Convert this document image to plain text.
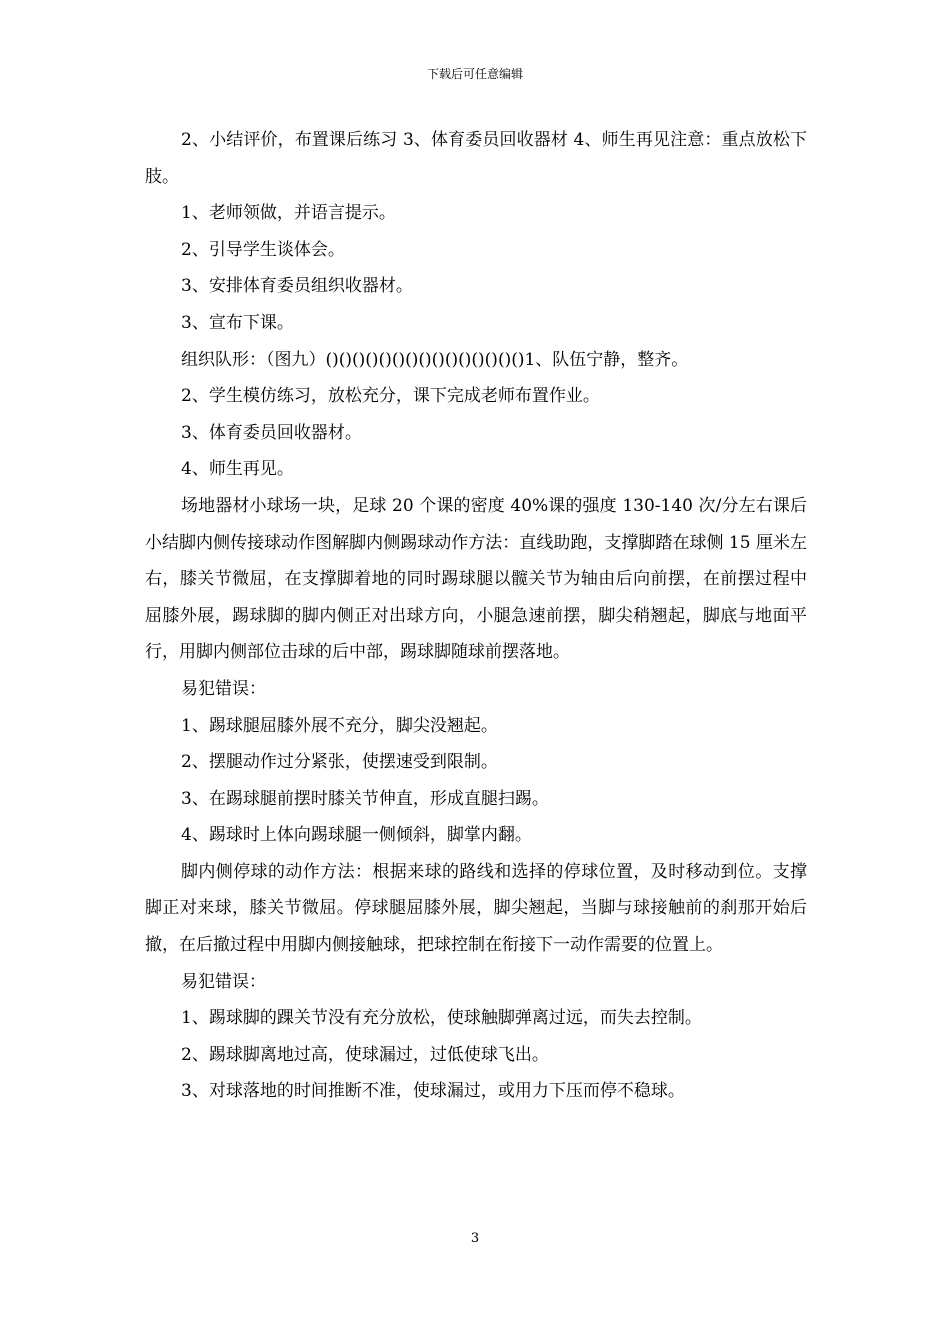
下载后可任意编辑

2、小结评价，布置课后练习 3、体育委员回收器材 4、师生再见注意：重点放松下肢。

1、老师领做，并语言提示。

2、引导学生谈体会。

3、安排体育委员组织收器材。

3、宣布下课。

组织队形：（图九）()()()()()()()()()()()()()()()1、队伍宁静，整齐。

2、学生模仿练习，放松充分，课下完成老师布置作业。

3、体育委员回收器材。

4、师生再见。

场地器材小球场一块，足球 20 个课的密度 40%课的强度 130-140 次/分左右课后小结脚内侧传接球动作图解脚内侧踢球动作方法：直线助跑，支撑脚踏在球侧 15 厘米左右，膝关节微屈，在支撑脚着地的同时踢球腿以髋关节为轴由后向前摆，在前摆过程中屈膝外展，踢球脚的脚内侧正对出球方向，小腿急速前摆，脚尖稍翘起，脚底与地面平行，用脚内侧部位击球的后中部，踢球脚随球前摆落地。

易犯错误：

1、踢球腿屈膝外展不充分，脚尖没翘起。

2、摆腿动作过分紧张，使摆速受到限制。

3、在踢球腿前摆时膝关节伸直，形成直腿扫踢。

4、踢球时上体向踢球腿一侧倾斜，脚掌内翻。

脚内侧停球的动作方法：根据来球的路线和选择的停球位置，及时移动到位。支撑脚正对来球，膝关节微屈。停球腿屈膝外展，脚尖翘起，当脚与球接触前的刹那开始后撤，在后撤过程中用脚内侧接触球，把球控制在衔接下一动作需要的位置上。

易犯错误：

1、踢球脚的踝关节没有充分放松，使球触脚弹离过远，而失去控制。

2、踢球脚离地过高，使球漏过，过低使球飞出。

3、对球落地的时间推断不准，使球漏过，或用力下压而停不稳球。

3
